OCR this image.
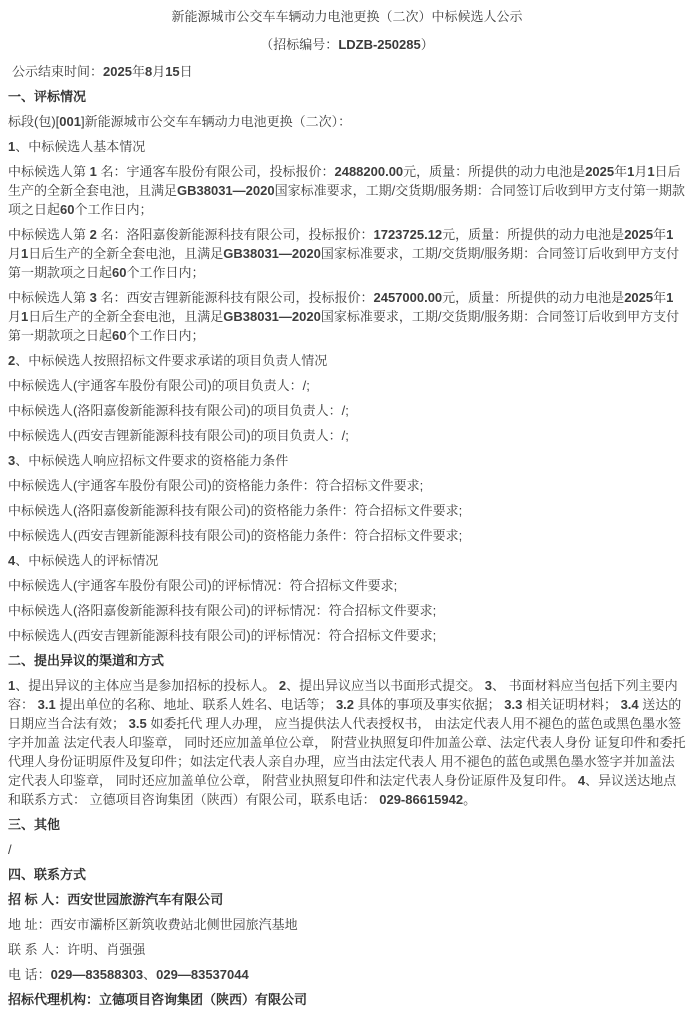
新能源城市公交车车辆动力电池更换（二次）中标候选人公示
（招标编号：LDZB-250285）

公示结束时间：2025年8月15日

一、评标情况

标段(包)[001]新能源城市公交车车辆动力电池更换（二次）：

1、中标候选人基本情况

中标候选人第 1 名：宇通客车股份有限公司，投标报价：2488200.00元，质量：所提供的动力电池是2025年1月1日后生产的全新全套电池，且满足GB38031—2020国家标准要求，工期/交货期/服务期：合同签订后收到甲方支付第一期款项之日起60个工作日内；

中标候选人第 2 名：洛阳嘉俊新能源科技有限公司，投标报价：1723725.12元，质量：所提供的动力电池是2025年1月1日后生产的全新全套电池，且满足GB38031—2020国家标准要求，工期/交货期/服务期：合同签订后收到甲方支付第一期款项之日起60个工作日内；

中标候选人第 3 名：西安吉锂新能源科技有限公司，投标报价：2457000.00元，质量：所提供的动力电池是2025年1月1日后生产的全新全套电池，且满足GB38031—2020国家标准要求，工期/交货期/服务期：合同签订后收到甲方支付第一期款项之日起60个工作日内；

2、中标候选人按照招标文件要求承诺的项目负责人情况

中标候选人(宇通客车股份有限公司)的项目负责人：/;

中标候选人(洛阳嘉俊新能源科技有限公司)的项目负责人：/;

中标候选人(西安吉锂新能源科技有限公司)的项目负责人：/;

3、中标候选人响应招标文件要求的资格能力条件

中标候选人(宇通客车股份有限公司)的资格能力条件：符合招标文件要求;

中标候选人(洛阳嘉俊新能源科技有限公司)的资格能力条件：符合招标文件要求;

中标候选人(西安吉锂新能源科技有限公司)的资格能力条件：符合招标文件要求;

4、中标候选人的评标情况

中标候选人(宇通客车股份有限公司)的评标情况：符合招标文件要求;

中标候选人(洛阳嘉俊新能源科技有限公司)的评标情况：符合招标文件要求;

中标候选人(西安吉锂新能源科技有限公司)的评标情况：符合招标文件要求;

二、提出异议的渠道和方式

1、提出异议的主体应当是参加招标的投标人。 2、提出异议应当以书面形式提交。 3、 书面材料应当包括下列主要内容： 3.1 提出单位的名称、地址、联系人姓名、电话等； 3.2 具体的事项及事实依据； 3.3 相关证明材料； 3.4 送达的日期应当合法有效； 3.5 如委托代 理人办理， 应当提供法人代表授权书， 由法定代表人用不褪色的蓝色或黑色墨水签字并加盖 法定代表人印鉴章， 同时还应加盖单位公章， 附营业执照复印件加盖公章、法定代表人身份 证复印件和委托代理人身份证明原件及复印件；如法定代表人亲自办理，应当由法定代表人 用不褪色的蓝色或黑色墨水签字并加盖法定代表人印鉴章， 同时还应加盖单位公章， 附营业执照复印件和法定代表人身份证原件及复印件。 4、异议送达地点和联系方式： 立德项目咨询集团（陕西）有限公司，联系电话： 029-86615942。

三、其他

/

四、联系方式

招 标 人：西安世园旅游汽车有限公司

地 址：西安市灞桥区新筑收费站北侧世园旅汽基地

联 系 人：许明、肖强强

电 话：029—83588303、029—83537044

招标代理机构：立德项目咨询集团（陕西）有限公司
